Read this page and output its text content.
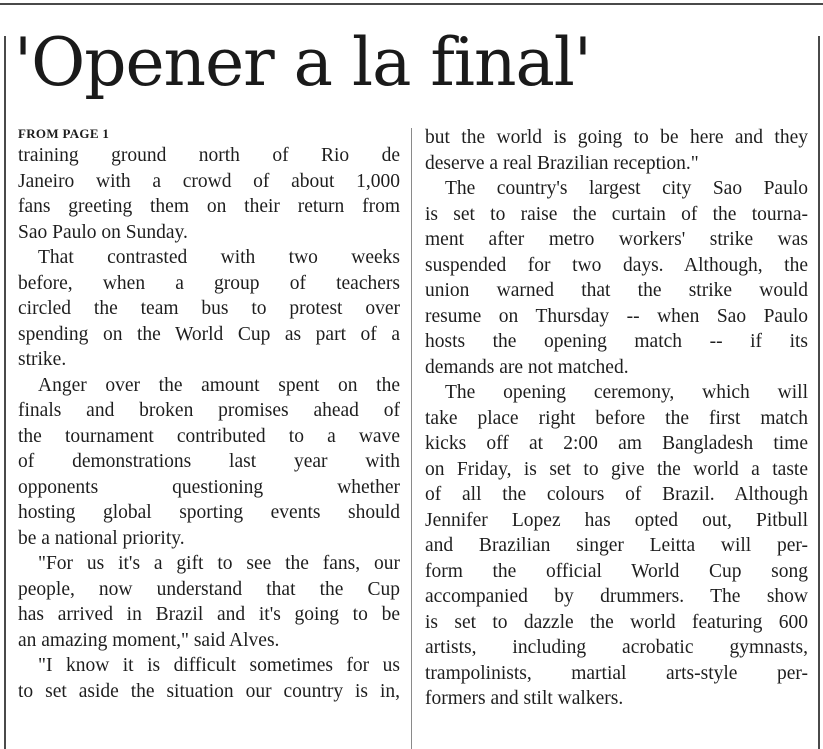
'Opener a la final'
FROM PAGE 1
training ground north of Rio de
Janeiro with a crowd of about 1,000
fans greeting them on their return from
Sao Paulo on Sunday.
That contrasted with two weeks
before, when a group of teachers
circled the team bus to protest over
spending on the World Cup as part of a
strike.
Anger over the amount spent on the
finals and broken promises ahead of
the tournament contributed to a wave
of demonstrations last year with
opponents questioning whether
hosting global sporting events should
be a national priority.
"For us it's a gift to see the fans, our
people, now understand that the Cup
has arrived in Brazil and it's going to be
an amazing moment," said Alves.
"I know it is difficult sometimes for us
to set aside the situation our country is in,
but the world is going to be here and they
deserve a real Brazilian reception."
The country's largest city Sao Paulo
is set to raise the curtain of the tourna-
ment after metro workers' strike was
suspended for two days. Although, the
union warned that the strike would
resume on Thursday -- when Sao Paulo
hosts the opening match -- if its
demands are not matched.
The opening ceremony, which will
take place right before the first match
kicks off at 2:00 am Bangladesh time
on Friday, is set to give the world a taste
of all the colours of Brazil. Although
Jennifer Lopez has opted out, Pitbull
and Brazilian singer Leitta will per-
form the official World Cup song
accompanied by drummers. The show
is set to dazzle the world featuring 600
artists, including acrobatic gymnasts,
trampolinists, martial arts-style per-
formers and stilt walkers.
